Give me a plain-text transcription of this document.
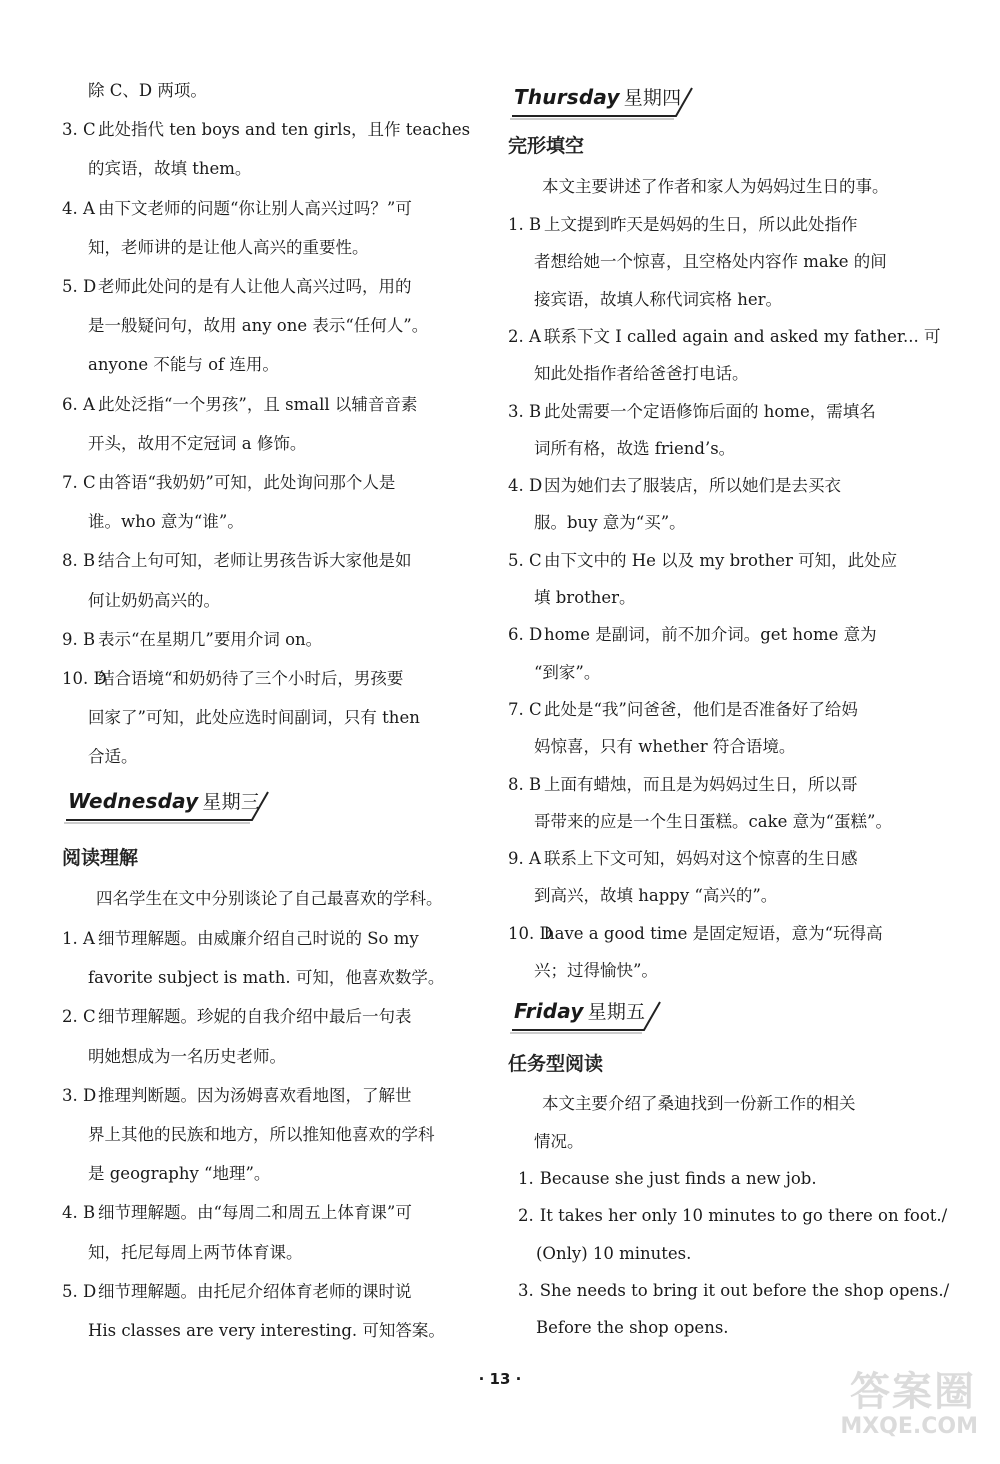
除 C、D 两项。
3. C 此处指代 ten boys and ten girls，且作 teaches
的宾语，故填 them。
4. A 由下文老师的问题“你让别人高兴过吗？”可
知，老师讲的是让他人高兴的重要性。
5. D 老师此处问的是有人让他人高兴过吗，用的
是一般疑问句，故用 any one 表示“任何人”。
anyone 不能与 of 连用。
6. A 此处泛指“一个男孩”，且 small 以辅音音素
开头，故用不定冠词 a 修饰。
7. C 由答语“我奶奶”可知，此处询问那个人是
谁。who 意为“谁”。
8. B 结合上句可知，老师让男孩告诉大家他是如
何让奶奶高兴的。
9. B 表示“在星期几”要用介词 on。
10. D结合语境“和奶奶待了三个小时后，男孩要
回家了”可知，此处应选时间副词，只有 then
合适。
Wednesday 星期三
阅读理解
四名学生在文中分别谈论了自己最喜欢的学科。
1. A 细节理解题。由威廉介绍自己时说的 So my
favorite subject is math. 可知，他喜欢数学。
2. C 细节理解题。珍妮的自我介绍中最后一句表
明她想成为一名历史老师。
3. D 推理判断题。因为汤姆喜欢看地图，了解世
界上其他的民族和地方，所以推知他喜欢的学科
是 geography “地理”。
4. B 细节理解题。由“每周二和周五上体育课”可
知，托尼每周上两节体育课。
5. D 细节理解题。由托尼介绍体育老师的课时说
His classes are very interesting. 可知答案。
Thursday 星期四
完形填空
本文主要讲述了作者和家人为妈妈过生日的事。
1. B 上文提到昨天是妈妈的生日，所以此处指作
者想给她一个惊喜，且空格处内容作 make 的间
接宾语，故填人称代词宾格 her。
2. A 联系下文 I called again and asked my father... 可
知此处指作者给爸爸打电话。
3. B 此处需要一个定语修饰后面的 home，需填名
词所有格，故选 friend’s。
4. D 因为她们去了服装店，所以她们是去买衣
服。buy 意为“买”。
5. C 由下文中的 He 以及 my brother 可知，此处应
填 brother。
6. D home 是副词，前不加介词。get home 意为
“到家”。
7. C 此处是“我”问爸爸，他们是否准备好了给妈
妈惊喜，只有 whether 符合语境。
8. B 上面有蜡烛，而且是为妈妈过生日，所以哥
哥带来的应是一个生日蛋糕。cake 意为“蛋糕”。
9. A 联系上下文可知，妈妈对这个惊喜的生日感
到高兴，故填 happy “高兴的”。
10. Dhave a good time 是固定短语，意为“玩得高
兴；过得愉快”。
Friday 星期五
任务型阅读
本文主要介绍了桑迪找到一份新工作的相关
情况。
1. Because she just finds a new job.
2. It takes her only 10 minutes to go there on foot./
(Only) 10 minutes.
3. She needs to bring it out before the shop opens./
Before the shop opens.
· 13 ·	答案圈
MXQE.COM
